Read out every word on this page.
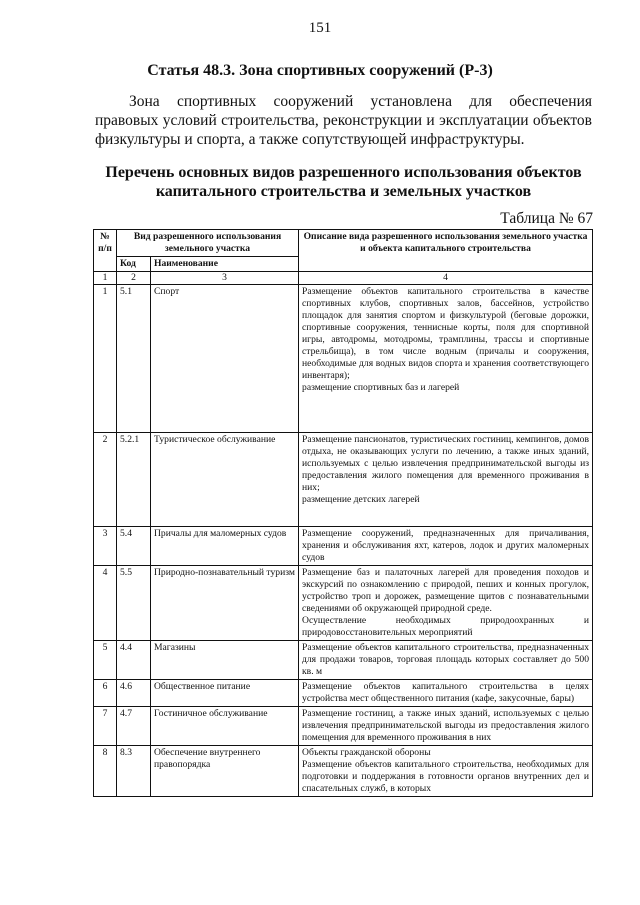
151
Статья 48.3. Зона спортивных сооружений (Р-3)
Зона спортивных сооружений установлена для обеспечения правовых условий строительства, реконструкции и эксплуатации объектов физкультуры и спорта, а также сопутствующей инфраструктуры.
Перечень основных видов разрешенного использования объектов
капитального строительства и земельных участков
Таблица № 67
№ п/п	Вид разрешенного использования земельного участка		Описание вида разрешенного использования земельного участка и объекта капитального строительства
	Код	Наименование	
1	2	3	4
1	5.1	Спорт	Размещение объектов капитального строительства в качестве спортивных клубов, спортивных залов, бассейнов, устройство площадок для занятия спортом и физкультурой (беговые дорожки, спортивные сооружения, теннисные корты, поля для спортивной игры, автодромы, мотодромы, трамплины, трассы и спортивные стрельбища), в том числе водным (причалы и сооружения, необходимые для водных видов спорта и хранения соответствующего инвентаря);
размещение спортивных баз и лагерей

2	5.2.1	Туристическое обслуживание	Размещение пансионатов, туристических гостиниц, кемпингов, домов отдыха, не оказывающих услуги по лечению, а также иных зданий, используемых с целью извлечения предпринимательской выгоды из предоставления жилого помещения для временного проживания в них;
размещение детских лагерей

3	5.4	Причалы для маломерных судов	Размещение сооружений, предназначенных для причаливания, хранения и обслуживания яхт, катеров, лодок и других маломерных судов

4	5.5	Природно-познавательный туризм	Размещение баз и палаточных лагерей для проведения походов и экскурсий по ознакомлению с природой, пеших и конных прогулок, устройство троп и дорожек, размещение щитов с познавательными сведениями об окружающей природной среде.
Осуществление необходимых природоохранных и природовосстановительных мероприятий

5	4.4	Магазины	Размещение объектов капитального строительства, предназначенных для продажи товаров, торговая площадь которых составляет до 500 кв. м

6	4.6	Общественное питание	Размещение объектов капитального строительства в целях устройства мест общественного питания (кафе, закусочные, бары)

7	4.7	Гостиничное обслуживание	Размещение гостиниц, а также иных зданий, используемых с целью извлечения предпринимательской выгоды из предоставления жилого помещения для временного проживания в них

8	8.3	Обеспечение внутреннего правопорядка	Объекты гражданской обороны
Размещение объектов капитального строительства, необходимых для подготовки и поддержания в готовности органов внутренних дел и спасательных служб, в которых
